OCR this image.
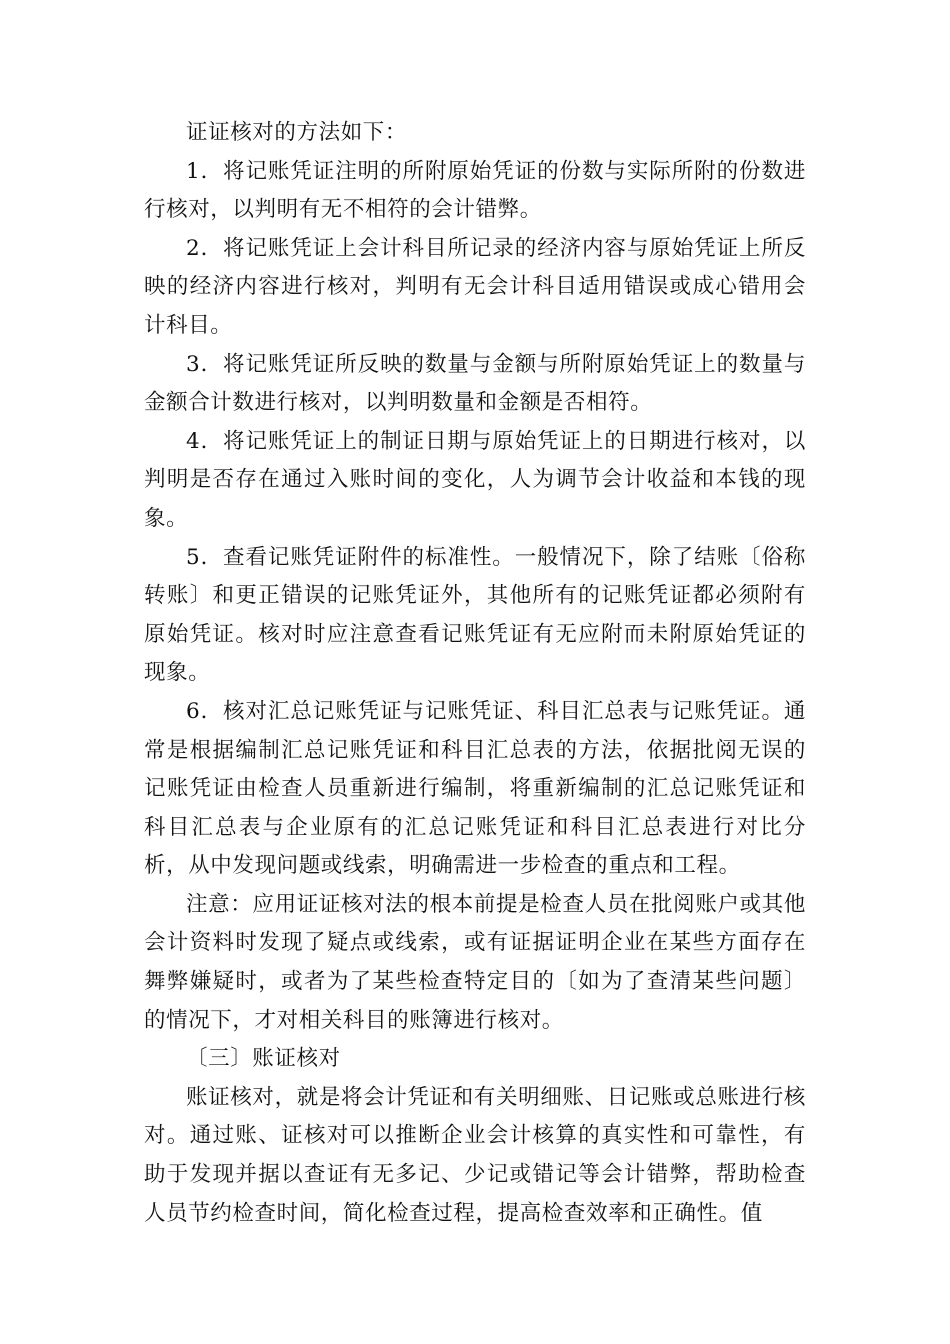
证证核对的方法如下：

1．将记账凭证注明的所附原始凭证的份数与实际所附的份数进行核对，以判明有无不相符的会计错弊。

2．将记账凭证上会计科目所记录的经济内容与原始凭证上所反映的经济内容进行核对，判明有无会计科目适用错误或成心错用会计科目。

3．将记账凭证所反映的数量与金额与所附原始凭证上的数量与金额合计数进行核对，以判明数量和金额是否相符。

4．将记账凭证上的制证日期与原始凭证上的日期进行核对，以判明是否存在通过入账时间的变化，人为调节会计收益和本钱的现象。

5．查看记账凭证附件的标准性。一般情况下，除了结账〔俗称转账〕和更正错误的记账凭证外，其他所有的记账凭证都必须附有原始凭证。核对时应注意查看记账凭证有无应附而未附原始凭证的现象。

6．核对汇总记账凭证与记账凭证、科目汇总表与记账凭证。通常是根据编制汇总记账凭证和科目汇总表的方法，依据批阅无误的记账凭证由检查人员重新进行编制，将重新编制的汇总记账凭证和科目汇总表与企业原有的汇总记账凭证和科目汇总表进行对比分析，从中发现问题或线索，明确需进一步检查的重点和工程。

注意：应用证证核对法的根本前提是检查人员在批阅账户或其他会计资料时发现了疑点或线索，或有证据证明企业在某些方面存在舞弊嫌疑时，或者为了某些检查特定目的〔如为了查清某些问题〕的情况下，才对相关科目的账簿进行核对。

〔三〕账证核对

账证核对，就是将会计凭证和有关明细账、日记账或总账进行核对。通过账、证核对可以推断企业会计核算的真实性和可靠性，有助于发现并据以查证有无多记、少记或错记等会计错弊，帮助检查人员节约检查时间，简化检查过程，提高检查效率和正确性。值
